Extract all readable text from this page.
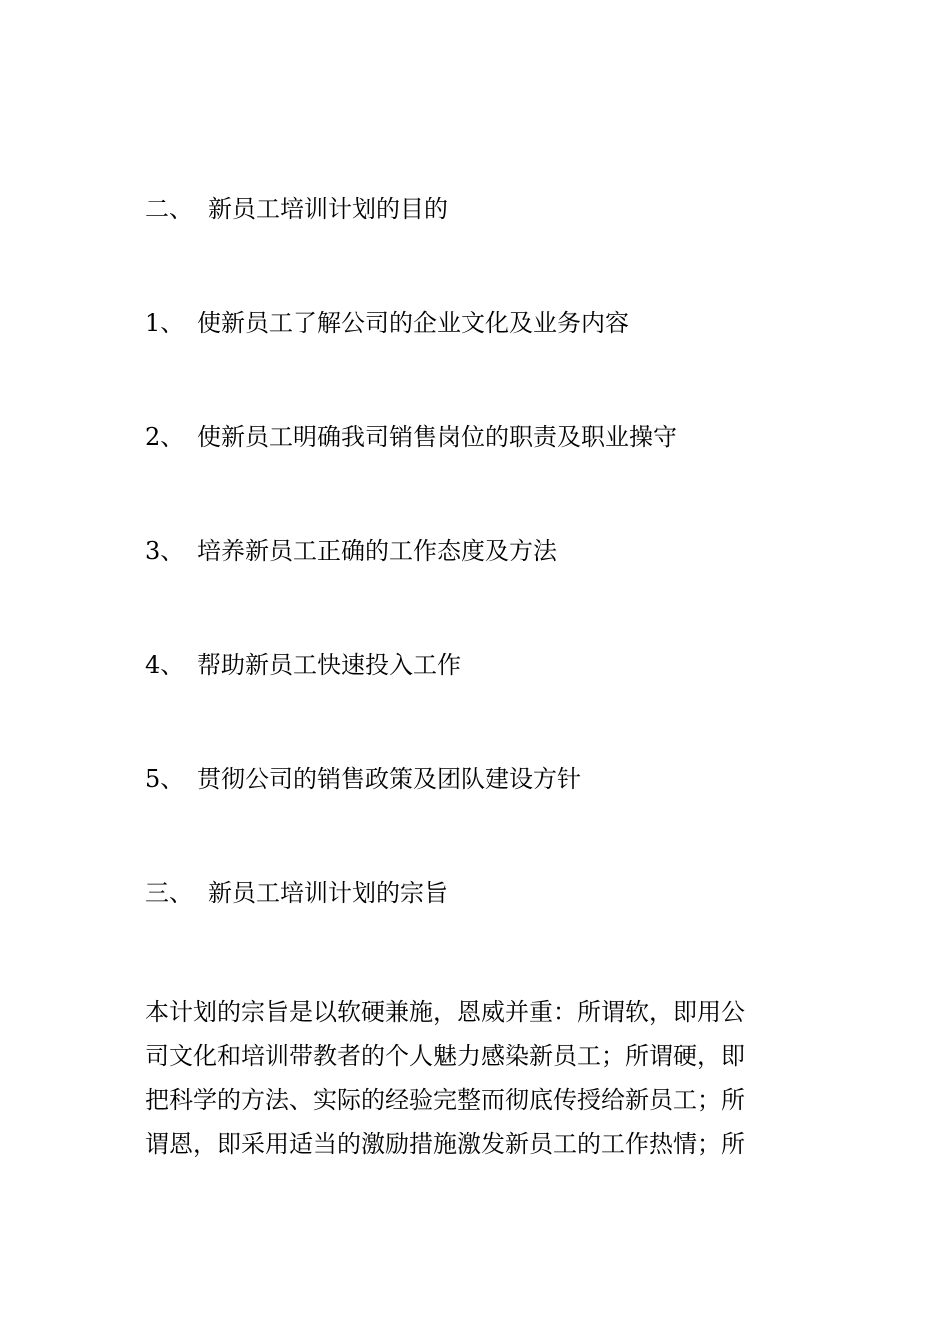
二、 新员工培训计划的目的
1、 使新员工了解公司的企业文化及业务内容
2、 使新员工明确我司销售岗位的职责及职业操守
3、 培养新员工正确的工作态度及方法
4、 帮助新员工快速投入工作
5、 贯彻公司的销售政策及团队建设方针
三、 新员工培训计划的宗旨
本计划的宗旨是以软硬兼施，恩威并重：所谓软，即用公
司文化和培训带教者的个人魅力感染新员工；所谓硬，即
把科学的方法、实际的经验完整而彻底传授给新员工；所
谓恩，即采用适当的激励措施激发新员工的工作热情；所
